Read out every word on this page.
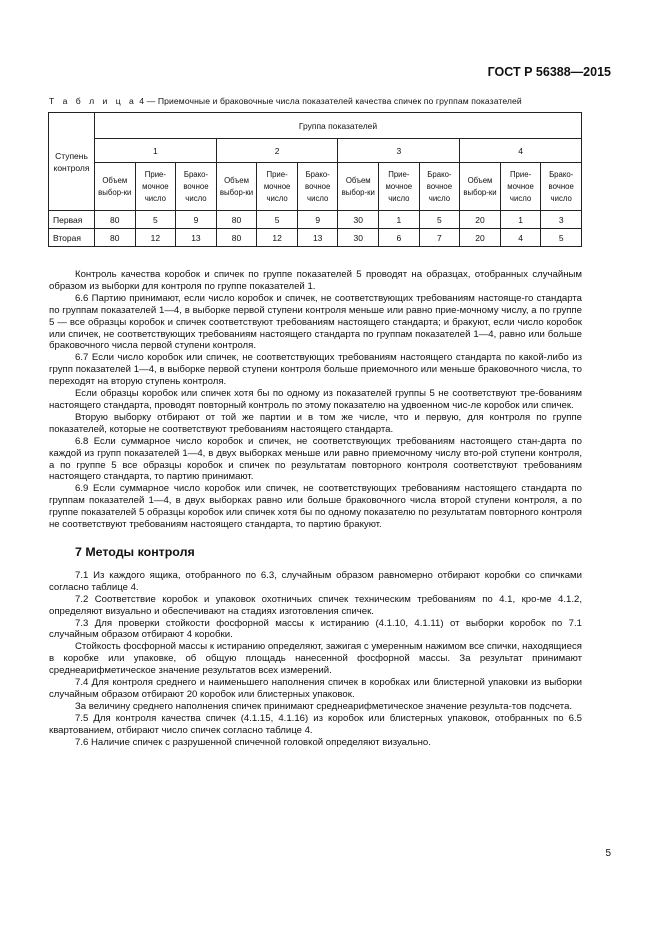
ГОСТ Р 56388—2015
Т а б л и ц а 4 — Приемочные и браковочные числа показателей качества спичек по группам показателей
Ступень контроля	Группа показателей											
	1			2			3			4		
	Объем выбор-ки	Прие-мочное число	Брако-вочное число	Объем выбор-ки	Прие-мочное число	Брако-вочное число	Объем выбор-ки	Прие-мочное число	Брако-вочное число	Объем выбор-ки	Прие-мочное число	Брако-вочное число
Первая	80	5	9	80	5	9	30	1	5	20	1	3
Вторая	80	12	13	80	12	13	30	6	7	20	4	5

Контроль качества коробок и спичек по группе показателей 5 проводят на образцах, отобранных случайным образом из выборки для контроля по группе показателей 1.

6.6 Партию принимают, если число коробок и спичек, не соответствующих требованиям настояще-го стандарта по группам показателей 1—4, в выборке первой ступени контроля меньше или равно прие-мочному числу, а по группе 5 — все образцы коробок и спичек соответствуют требованиям настоящего стандарта; и бракуют, если число коробок или спичек, не соответствующих требованиям настоящего стандарта по группам показателей 1—4, равно или больше браковочного числа первой ступени контроля.

6.7 Если число коробок или спичек, не соответствующих требованиям настоящего стандарта по какой-либо из групп показателей 1—4, в выборке первой ступени контроля больше приемочного или меньше браковочного числа, то переходят на вторую ступень контроля.

Если образцы коробок или спичек хотя бы по одному из показателей группы 5 не соответствуют тре-бованиям настоящего стандарта, проводят повторный контроль по этому показателю на удвоенном чис-ле коробок или спичек.

Вторую выборку отбирают от той же партии и в том же числе, что и первую, для контроля по группе показателей, которые не соответствуют требованиям настоящего стандарта.

6.8 Если суммарное число коробок и спичек, не соответствующих требованиям настоящего стан-дарта по каждой из групп показателей 1—4, в двух выборках меньше или равно приемочному числу вто-рой ступени контроля, а по группе 5 все образцы коробок и спичек по результатам повторного контроля соответствуют требованиям настоящего стандарта, то партию принимают.

6.9 Если суммарное число коробок или спичек, не соответствующих требованиям настоящего стандарта по группам показателей 1—4, в двух выборках равно или больше браковочного числа второй ступени контроля, а по группе показателей 5 образцы коробок или спичек хотя бы по одному показателю по результатам повторного контроля не соответствуют требованиям настоящего стандарта, то партию бракуют.

7 Методы контроля

7.1 Из каждого ящика, отобранного по 6.3, случайным образом равномерно отбирают коробки со спичками согласно таблице 4.

7.2 Соответствие коробок и упаковок охотничьих спичек техническим требованиям по 4.1, кро-ме 4.1.2, определяют визуально и обеспечивают на стадиях изготовления спичек.

7.3 Для проверки стойкости фосфорной массы к истиранию (4.1.10, 4.1.11) от выборки коробок по 7.1 случайным образом отбирают 4 коробки.

Стойкость фосфорной массы к истиранию определяют, зажигая с умеренным нажимом все спички, находящиеся в коробке или упаковке, об общую площадь нанесенной фосфорной массы. За результат принимают среднеарифметическое значение результатов всех измерений.

7.4 Для контроля среднего и наименьшего наполнения спичек в коробках или блистерной упаковки из выборки случайным образом отбирают 20 коробок или блистерных упаковок.

За величину среднего наполнения спичек принимают среднеарифметическое значение результа-тов подсчета.

7.5 Для контроля качества спичек (4.1.15, 4.1.16) из коробок или блистерных упаковок, отобранных по 6.5 квартованием, отбирают число спичек согласно таблице 4.

7.6 Наличие спичек с разрушенной спичечной головкой определяют визуально.

5
